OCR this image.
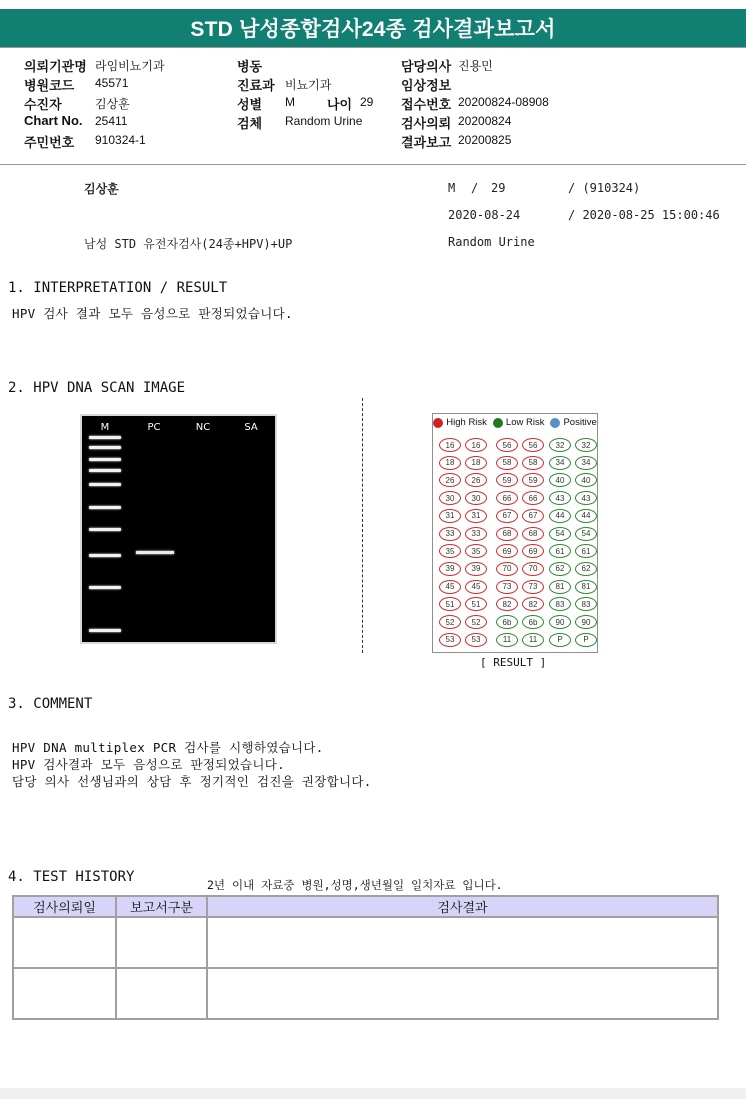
STD 남성종합검사24종 검사결과보고서
의뢰기관명 라임비뇨기과
병원코드 45571
수진자	김상훈
Chart No. 25411
주민번호 910324-1
병동
진료과 비뇨기과
성별 M 나이 29
검체 Random Urine
담당의사 진용민
임상정보
접수번호 20200824-08908
검사의뢰 20200824
결과보고 20200825
김상훈	M / 29	/ (910324)
2020-08-24	/ 2020-08-25 15:00:46
남성 STD 유전자검사(24종+HPV)+UP	Random Urine
1. INTERPRETATION / RESULT
HPV 검사 결과 모두 음성으로 판정되었습니다.
2. HPV DNA SCAN IMAGE
M	PC	NC	SA	High Risk Low Risk Positive
16	16	56	56	32	32
18	18	58	58	34	34
26	26	59	59	40	40
30	30	66	66	43	43
31	31	67	67	44	44
33	33	68	68	54	54
35	35	69	69	61	61
39	39	70	70	62	62
45	45	73	73	81	81
51	51	82	82	83	83
52	52	6b	6b	90	90
53	53	11	11	P	P
[ RESULT ]
3. COMMENT
HPV DNA multiplex PCR 검사를 시행하였습니다.
HPV 검사결과 모두 음성으로 판정되었습니다.
담당 의사 선생님과의 상담 후 정기적인 검진을 권장합니다.
4. TEST HISTORY	2년 이내 자료중 병원,성명,생년월일 일치자료 입니다.
검사의뢰일	보고서구분	검사결과
